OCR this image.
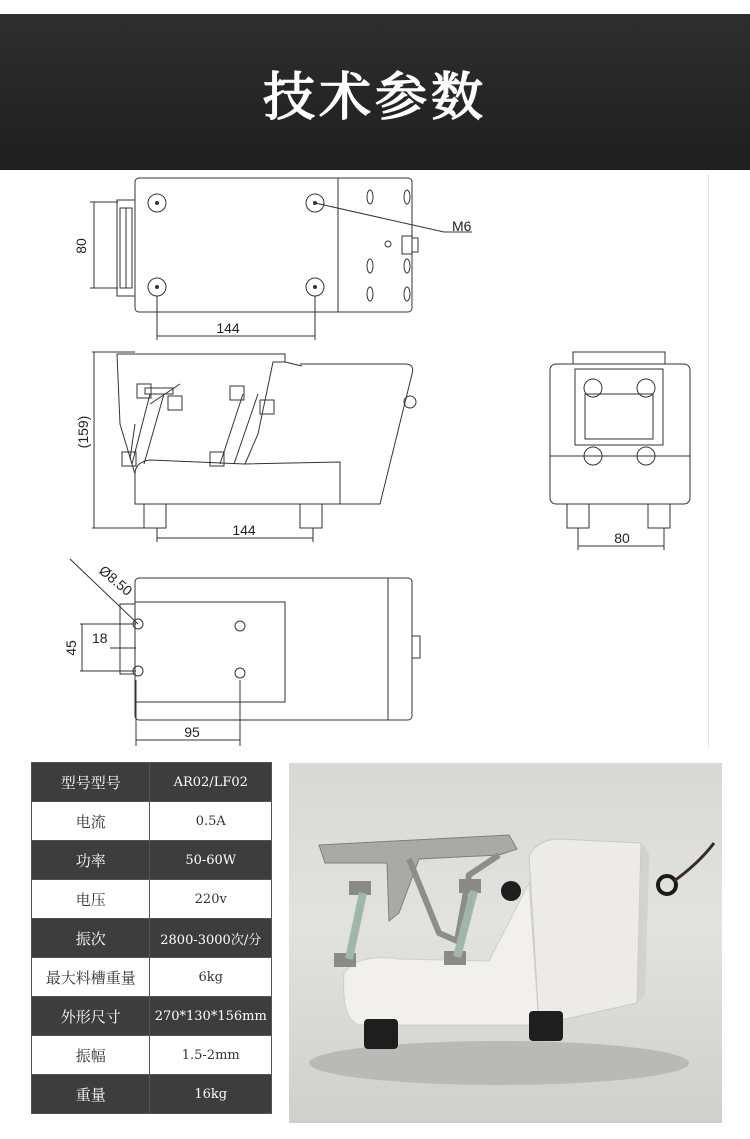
技术参数
80
144
M6
(159)
144	80
Ø8.50
45
18
95
型号型号	AR02/LF02
电流	0.5A
功率	50-60W
电压	220v
振次	2800-3000次/分
最大料槽重量	6kg
外形尺寸	270*130*156mm
振幅	1.5-2mm
重量	16kg
